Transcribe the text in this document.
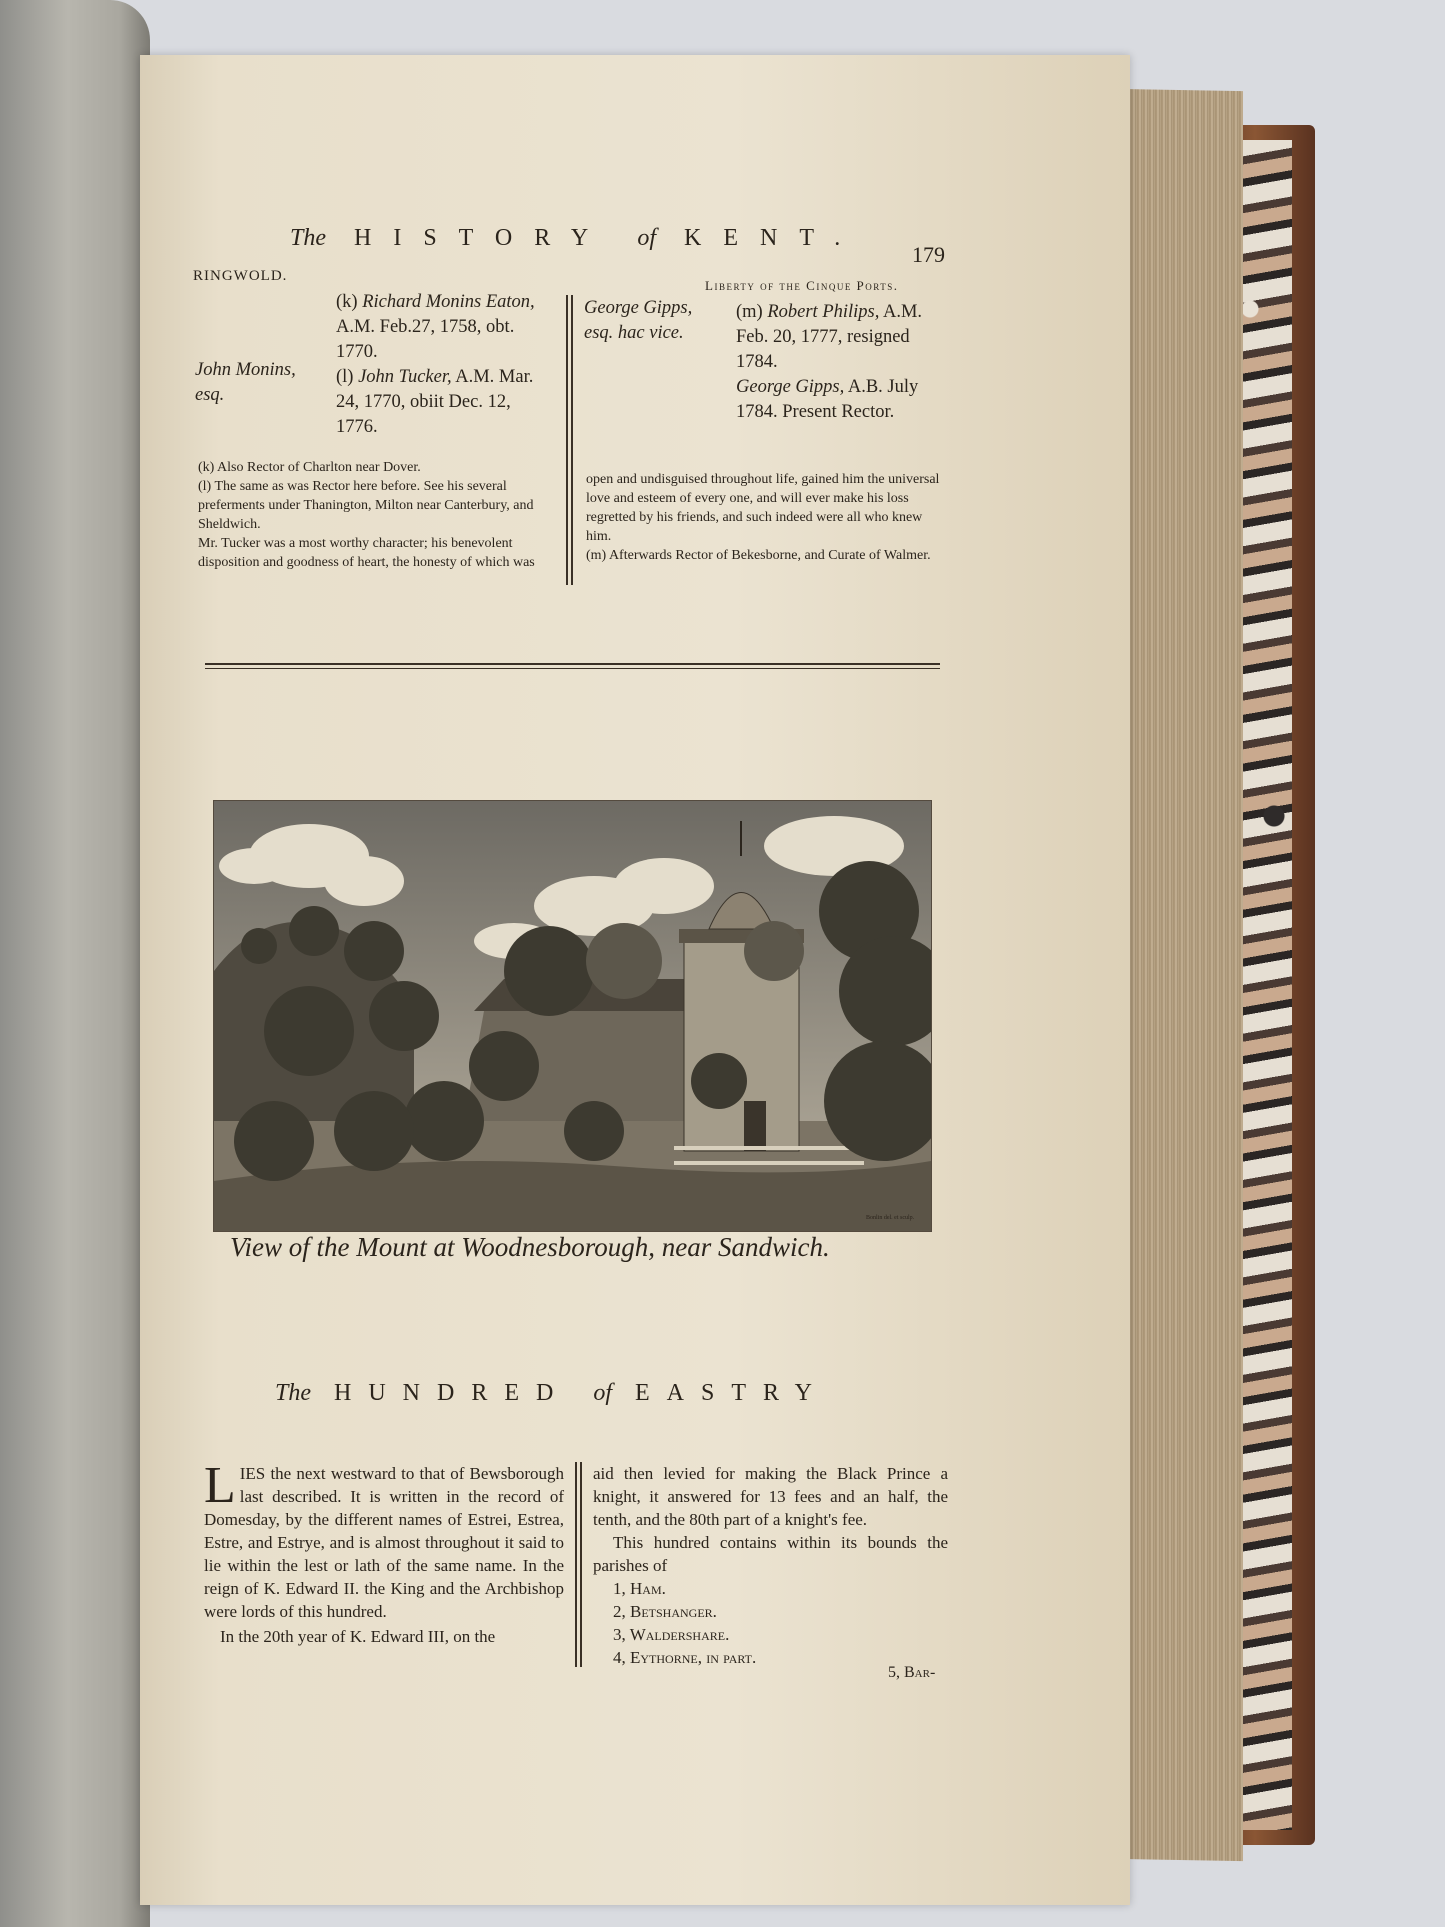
The HISTORY of KENT.
179
RINGWOLD.
Liberty of the Cinque Ports.
John Monins, esq.
(k) Richard Monins Eaton, A.M. Feb.27, 1758, obt. 1770.
(l) John Tucker, A.M. Mar. 24, 1770, obiit Dec. 12, 1776.
George Gipps, esq. hac vice.
(m) Robert Philips, A.M. Feb. 20, 1777, resigned 1784.
George Gipps, A.B. July 1784. Present Rector.
(k) Also Rector of Charlton near Dover.
(l) The same as was Rector here before. See his several preferments under Thanington, Milton near Canterbury, and Sheldwich.
Mr. Tucker was a most worthy character; his benevolent disposition and goodness of heart, the honesty of which was
open and undisguised throughout life, gained him the universal love and esteem of every one, and will ever make his loss regretted by his friends, and such indeed were all who knew him.
(m) Afterwards Rector of Bekesborne, and Curate of Walmer.
Bonlin del. et sculp.
View of the Mount at Woodnesborough, near Sandwich.
The HUNDRED of EASTRY
L IES the next westward to that of Bewsborough last described. It is written in the record of Domesday, by the different names of Estrei, Estrea, Estre, and Estrye, and is almost throughout it said to lie within the lest or lath of the same name. In the reign of K. Edward II. the King and the Archbishop were lords of this hundred.
In the 20th year of K. Edward III, on the
aid then levied for making the Black Prince a knight, it answered for 13 fees and an half, the tenth, and the 80th part of a knight's fee.
This hundred contains within its bounds the parishes of
1, Ham.
2, Betshanger.
3, Waldershare.
4, Eythorne, in part.
5, Bar-
